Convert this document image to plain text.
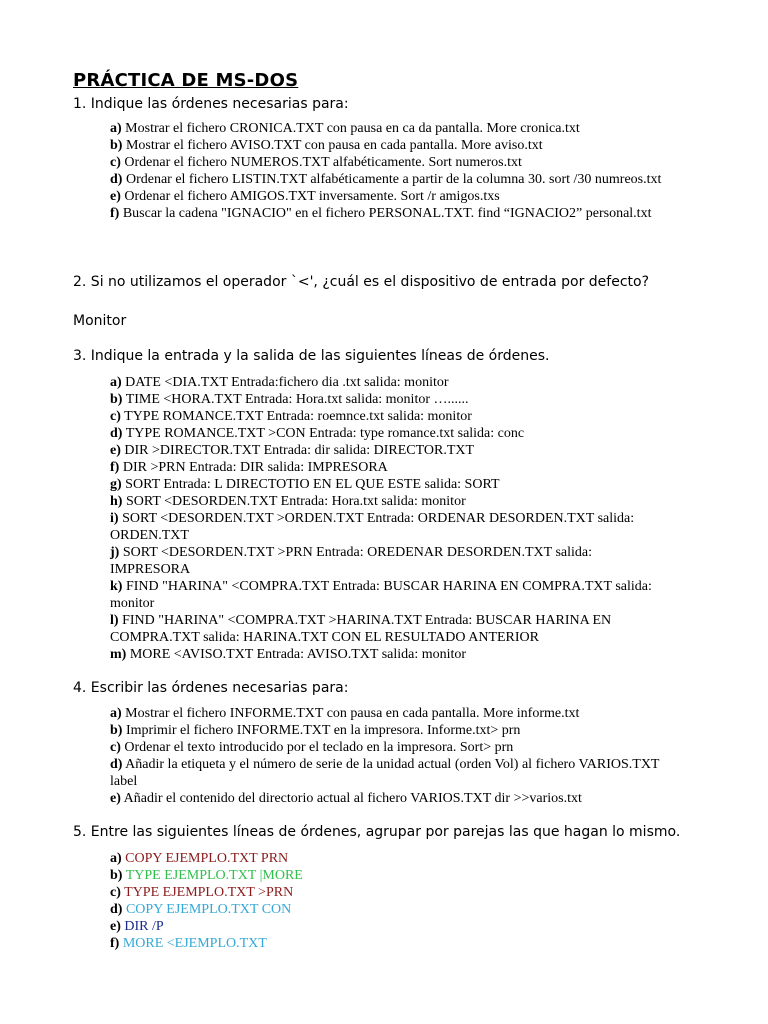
PRÁCTICA DE MS-DOS
1. Indique las órdenes necesarias para:

a) Mostrar el fichero CRONICA.TXT con pausa en ca da pantalla. More cronica.txt

b) Mostrar el fichero AVISO.TXT con pausa en cada pantalla. More aviso.txt

c) Ordenar el fichero NUMEROS.TXT alfabéticamente. Sort numeros.txt

d) Ordenar el fichero LISTIN.TXT alfabéticamente a partir de la columna 30. sort /30 numreos.txt

e) Ordenar el fichero AMIGOS.TXT inversamente. Sort /r amigos.txs

f) Buscar la cadena "IGNACIO" en el fichero PERSONAL.TXT. find “IGNACIO2” personal.txt

2. Si no utilizamos el operador `<', ¿cuál es el dispositivo de entrada por defecto?
Monitor
3. Indique la entrada y la salida de las siguientes líneas de órdenes.

a) DATE <DIA.TXT Entrada:fichero dia .txt salida: monitor

b) TIME <HORA.TXT Entrada: Hora.txt salida: monitor …......

c) TYPE ROMANCE.TXT Entrada: roemnce.txt salida: monitor

d) TYPE ROMANCE.TXT >CON Entrada: type romance.txt salida: conc

e) DIR >DIRECTOR.TXT Entrada: dir salida: DIRECTOR.TXT

f) DIR >PRN Entrada: DIR salida: IMPRESORA

g) SORT Entrada: L DIRECTOTIO EN EL QUE ESTE salida: SORT

h) SORT <DESORDEN.TXT Entrada: Hora.txt salida: monitor

i) SORT <DESORDEN.TXT >ORDEN.TXT Entrada: ORDENAR DESORDEN.TXT salida: ORDEN.TXT

j) SORT <DESORDEN.TXT >PRN Entrada: OREDENAR DESORDEN.TXT salida: IMPRESORA

k) FIND "HARINA" <COMPRA.TXT Entrada: BUSCAR HARINA EN COMPRA.TXT salida: monitor

l) FIND "HARINA" <COMPRA.TXT >HARINA.TXT Entrada: BUSCAR HARINA EN COMPRA.TXT salida: HARINA.TXT CON EL RESULTADO ANTERIOR

m) MORE <AVISO.TXT Entrada: AVISO.TXT salida: monitor

4. Escribir las órdenes necesarias para:

a) Mostrar el fichero INFORME.TXT con pausa en cada pantalla. More informe.txt

b) Imprimir el fichero INFORME.TXT en la impresora. Informe.txt> prn

c) Ordenar el texto introducido por el teclado en la impresora. Sort> prn

d) Añadir la etiqueta y el número de serie de la unidad actual (orden Vol) al fichero VARIOS.TXT label

e) Añadir el contenido del directorio actual al fichero VARIOS.TXT dir >>varios.txt

5. Entre las siguientes líneas de órdenes, agrupar por parejas las que hagan lo mismo.

a) COPY EJEMPLO.TXT PRN

b) TYPE EJEMPLO.TXT |MORE

c) TYPE EJEMPLO.TXT >PRN

d) COPY EJEMPLO.TXT CON

e) DIR /P

f) MORE <EJEMPLO.TXT
